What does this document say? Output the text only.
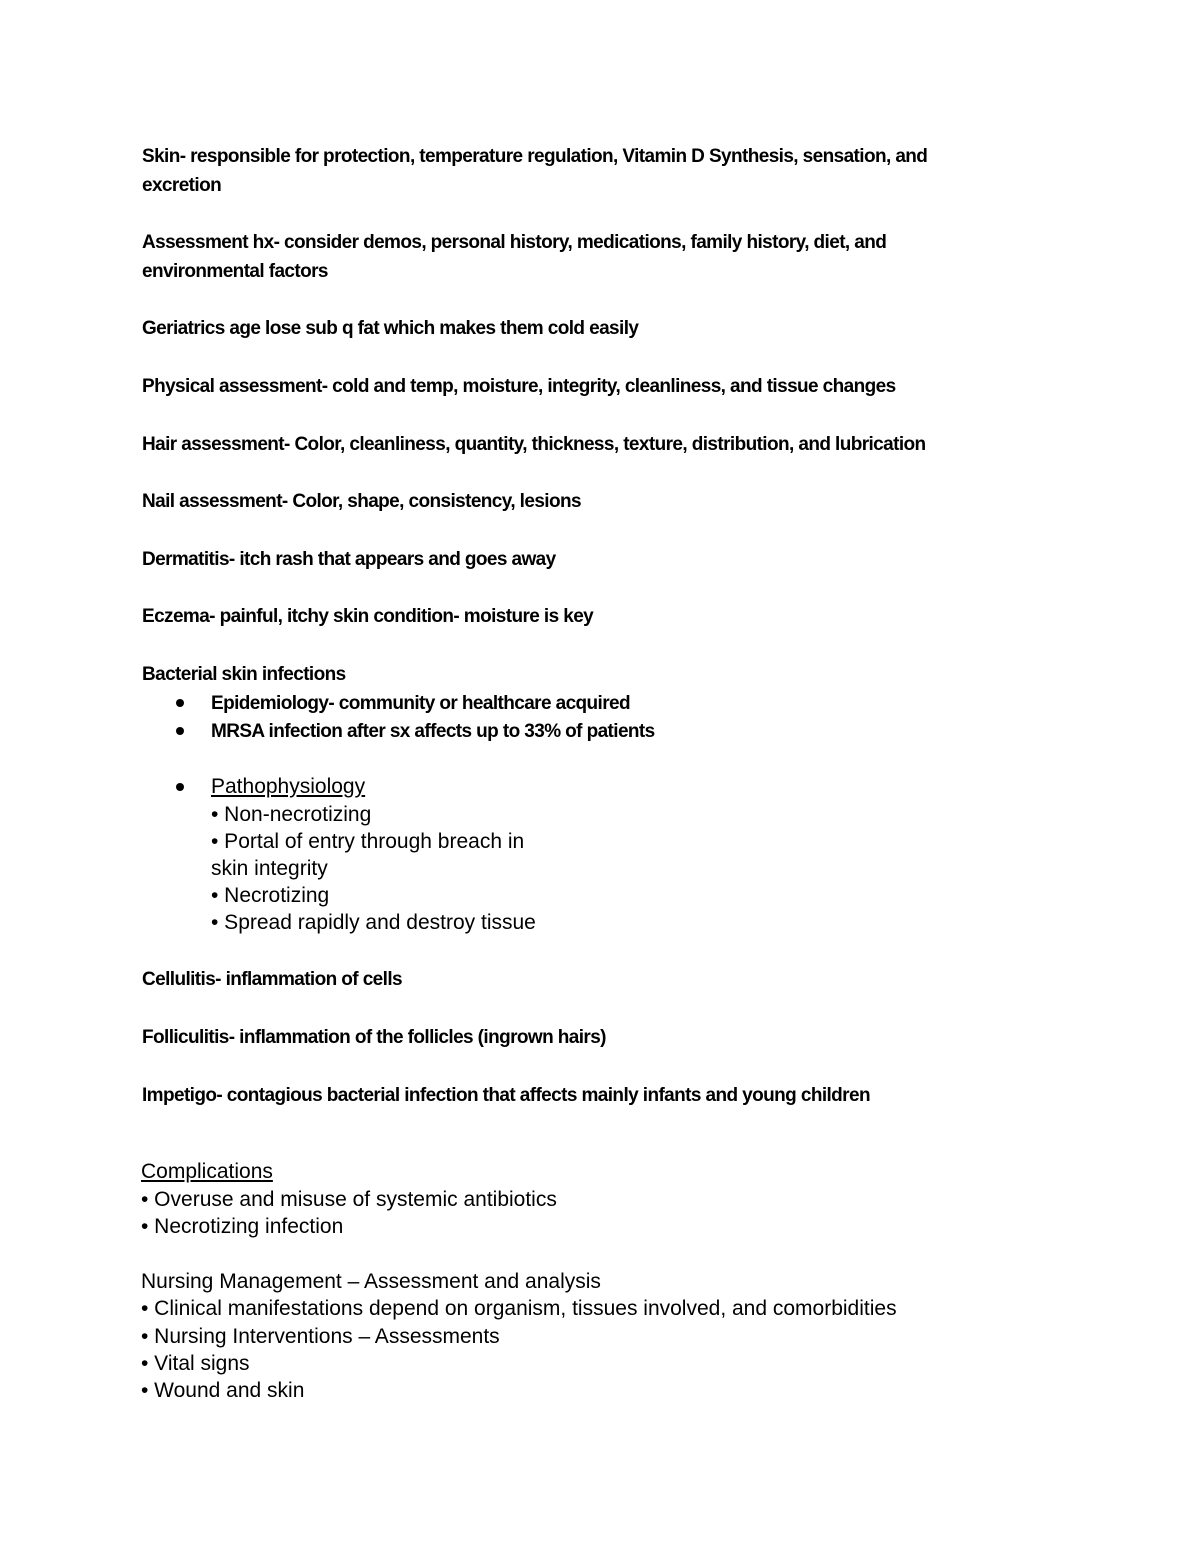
Skin- responsible for protection, temperature regulation, Vitamin D Synthesis, sensation, and

excretion

Assessment hx- consider demos, personal history, medications, family history, diet, and

environmental factors

Geriatrics age lose sub q fat which makes them cold easily

Physical assessment- cold and temp, moisture, integrity, cleanliness, and tissue changes

Hair assessment- Color, cleanliness, quantity, thickness, texture, distribution, and lubrication

Nail assessment- Color, shape, consistency, lesions

Dermatitis- itch rash that appears and goes away

Eczema- painful, itchy skin condition- moisture is key

Bacterial skin infections

Epidemiology- community or healthcare acquired

MRSA infection after sx affects up to 33% of patients

Pathophysiology

• Non-necrotizing

• Portal of entry through breach in

skin integrity

• Necrotizing

• Spread rapidly and destroy tissue

Cellulitis- inflammation of cells

Folliculitis- inflammation of the follicles (ingrown hairs)

Impetigo- contagious bacterial infection that affects mainly infants and young children

Complications

• Overuse and misuse of systemic antibiotics

• Necrotizing infection

Nursing Management – Assessment and analysis

• Clinical manifestations depend on organism, tissues involved, and comorbidities

• Nursing Interventions – Assessments

• Vital signs

• Wound and skin
